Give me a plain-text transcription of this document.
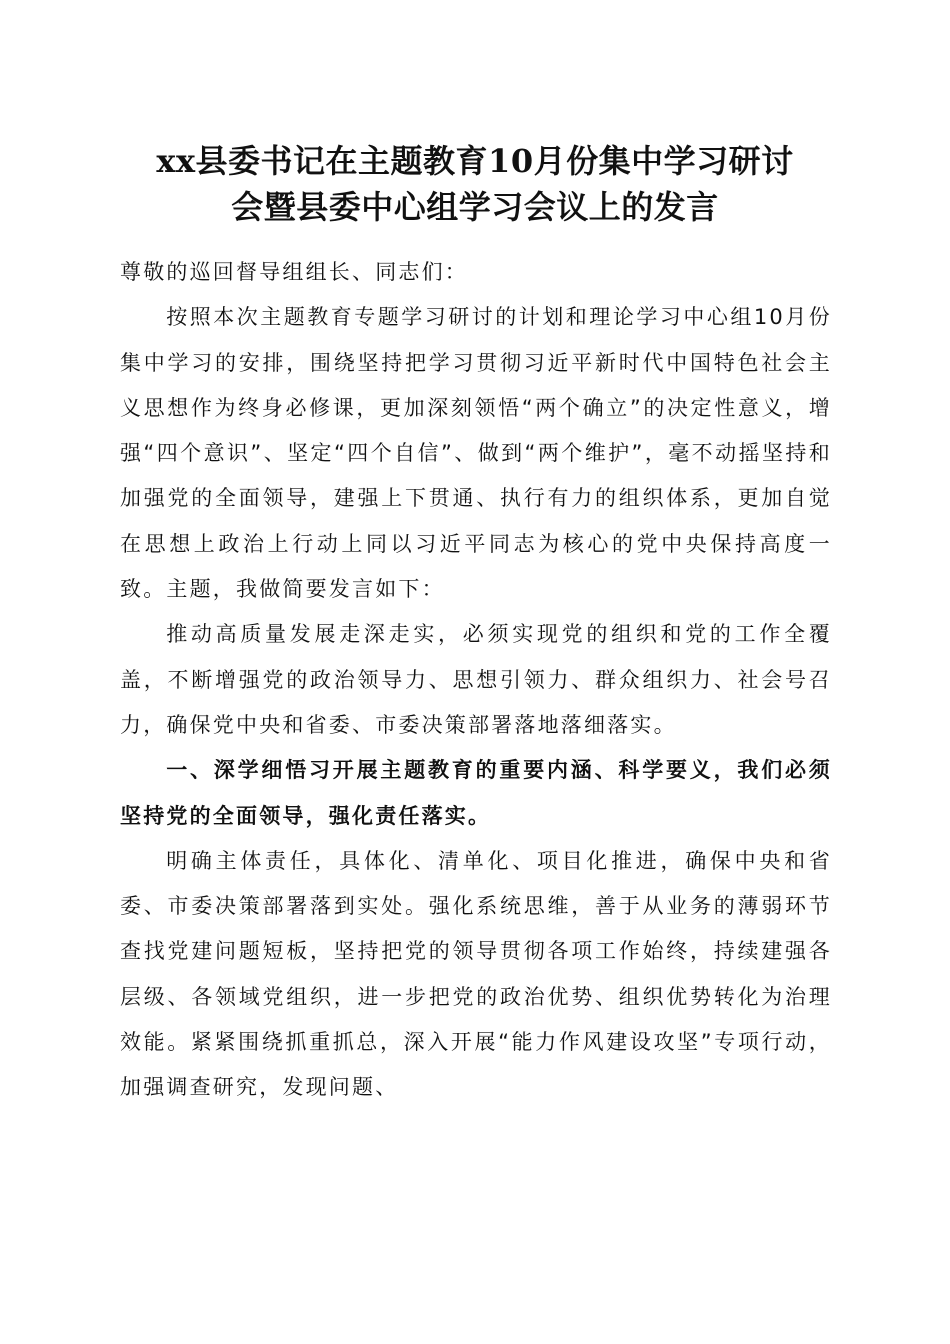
xx县委书记在主题教育10月份集中学习研讨
会暨县委中心组学习会议上的发言

尊敬的巡回督导组组长、同志们：

按照本次主题教育专题学习研讨的计划和理论学习中心组10月份集中学习的安排，围绕坚持把学习贯彻习近平新时代中国特色社会主义思想作为终身必修课，更加深刻领悟“两个确立”的决定性意义，增强“四个意识”、坚定“四个自信”、做到“两个维护”，毫不动摇坚持和加强党的全面领导，建强上下贯通、执行有力的组织体系，更加自觉在思想上政治上行动上同以习近平同志为核心的党中央保持高度一致。主题，我做简要发言如下：

推动高质量发展走深走实，必须实现党的组织和党的工作全覆盖，不断增强党的政治领导力、思想引领力、群众组织力、社会号召力，确保党中央和省委、市委决策部署落地落细落实。

一、深学细悟习开展主题教育的重要内涵、科学要义，我们必须坚持党的全面领导，强化责任落实。

明确主体责任，具体化、清单化、项目化推进，确保中央和省委、市委决策部署落到实处。强化系统思维，善于从业务的薄弱环节查找党建问题短板，坚持把党的领导贯彻各项工作始终，持续建强各层级、各领域党组织，进一步把党的政治优势、组织优势转化为治理效能。紧紧围绕抓重抓总，深入开展“能力作风建设攻坚”专项行动，加强调查研究，发现问题、
